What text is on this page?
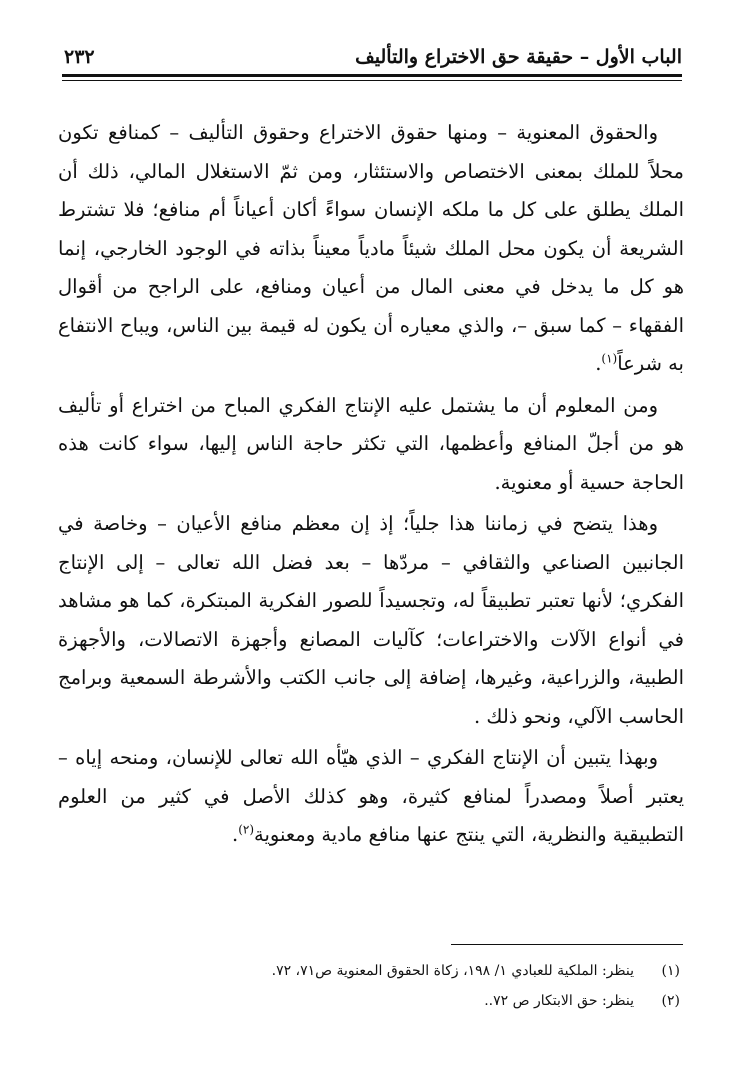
الباب الأول – حقيقة حق الاختراع والتأليف
٢٣٢

والحقوق المعنوية – ومنها حقوق الاختراع وحقوق التأليف – كمنافع تكون محلاً للملك بمعنى الاختصاص والاستئثار، ومن ثمّ الاستغلال المالي، ذلك أن الملك يطلق على كل ما ملكه الإنسان سواءً أكان أعياناً أم منافع؛ فلا تشترط الشريعة أن يكون محل الملك شيئاً مادياً معيناً بذاته في الوجود الخارجي، إنما هو كل ما يدخل في معنى المال من أعيان ومنافع، على الراجح من أقوال الفقهاء – كما سبق –، والذي معياره أن يكون له قيمة بين الناس، ويباح الانتفاع به شرعاً$^{(١)}$.

ومن المعلوم أن ما يشتمل عليه الإنتاج الفكري المباح من اختراع أو تأليف هو من أجلّ المنافع وأعظمها، التي تكثر حاجة الناس إليها، سواء كانت هذه الحاجة حسية أو معنوية.

وهذا يتضح في زماننا هذا جلياً؛ إذ إن معظم منافع الأعيان – وخاصة في الجانبين الصناعي والثقافي – مردّها – بعد فضل الله تعالى – إلى الإنتاج الفكري؛ لأنها تعتبر تطبيقاً له، وتجسيداً للصور الفكرية المبتكرة، كما هو مشاهد في أنواع الآلات والاختراعات؛ كآليات المصانع وأجهزة الاتصالات، والأجهزة الطبية، والزراعية، وغيرها، إضافة إلى جانب الكتب والأشرطة السمعية وبرامج الحاسب الآلي، ونحو ذلك .

وبهذا يتبين أن الإنتاج الفكري – الذي هيّأه الله تعالى للإنسان، ومنحه إياه – يعتبر أصلاً ومصدراً لمنافع كثيرة، وهو كذلك الأصل في كثير من العلوم التطبيقية والنظرية، التي ينتج عنها منافع مادية ومعنوية$^{(٢)}$.

(١)
ينظر: الملكية للعبادي ١/ ١٩٨، زكاة الحقوق المعنوية ص٧١، ٧٢.
(٢)
ينظر: حق الابتكار ص ٧٢..
